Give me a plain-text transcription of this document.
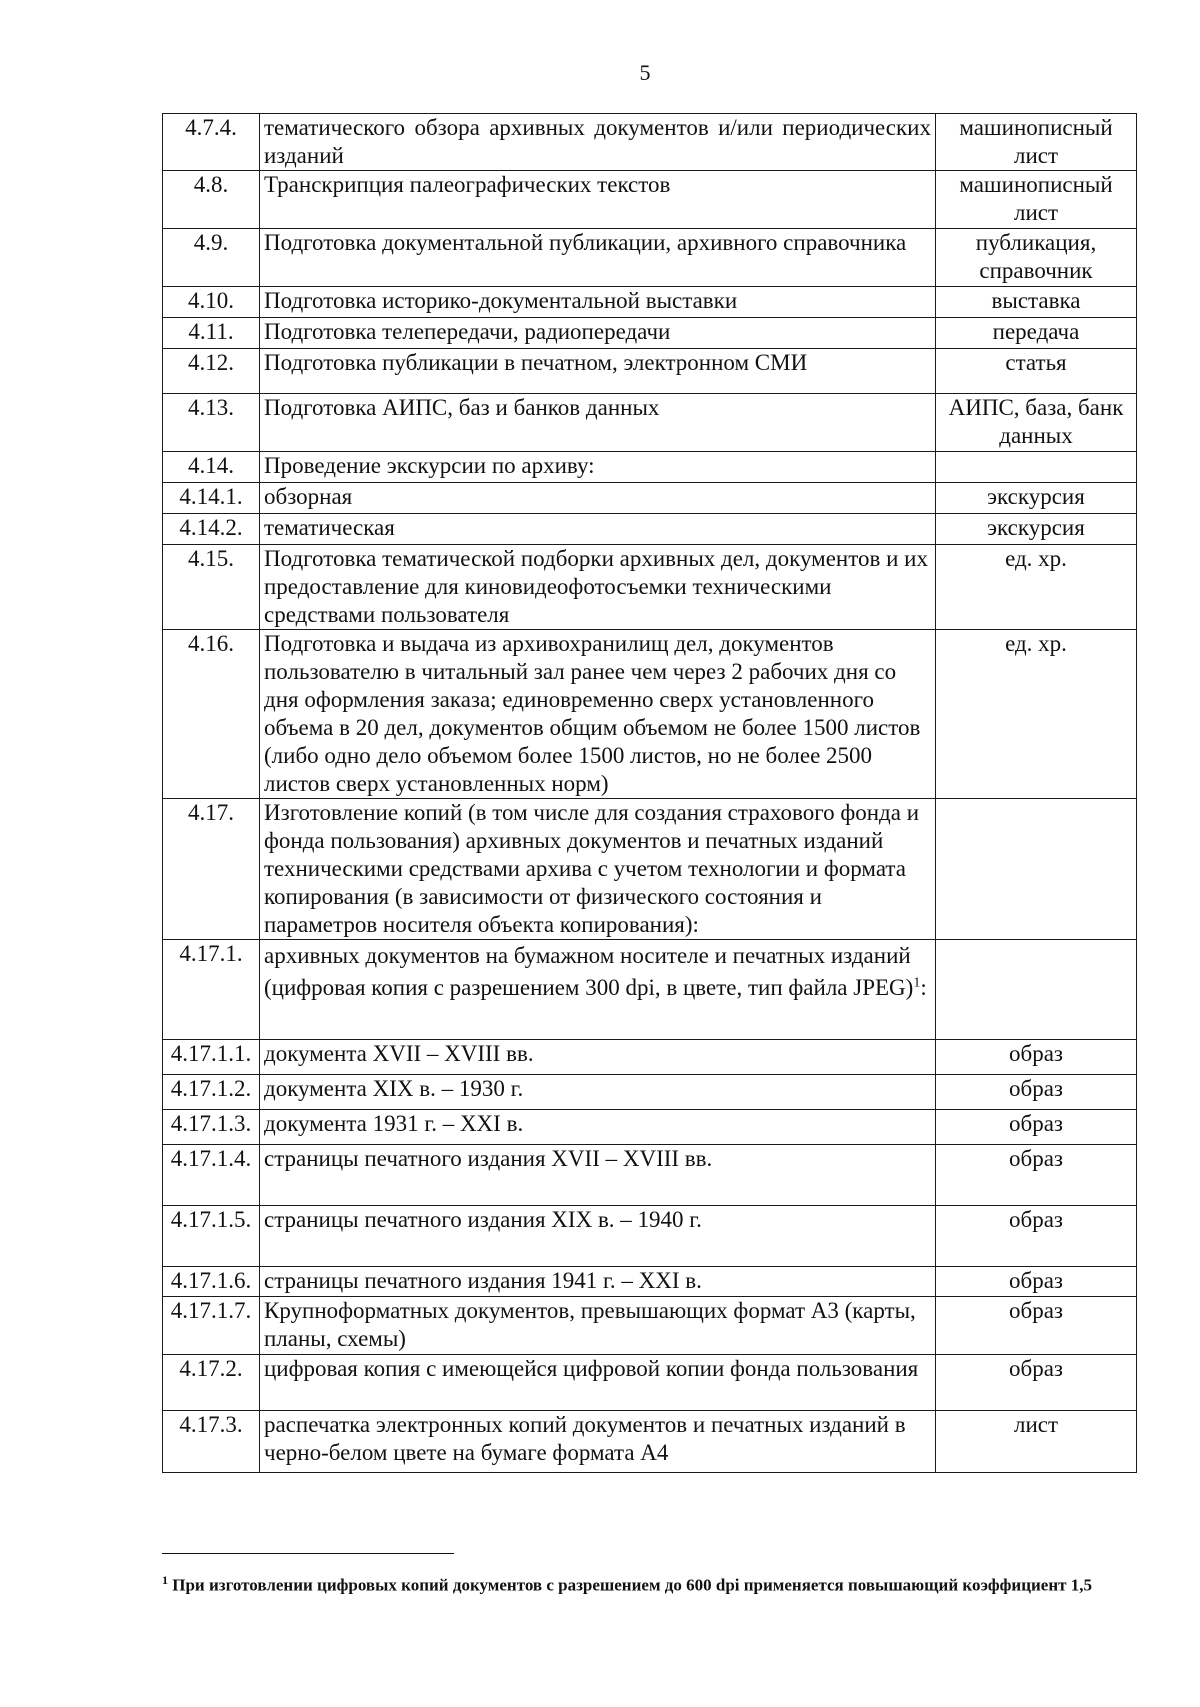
5
4.7.4.	тематического обзора архивных документов и/или периодических изданий	машинописный лист
4.8.	Транскрипция палеографических текстов	машинописный лист
4.9.	Подготовка документальной публикации, архивного справочника	публикация, справочник
4.10.	Подготовка историко-документальной выставки	выставка
4.11.	Подготовка телепередачи, радиопередачи	передача
4.12.	Подготовка публикации в печатном, электронном СМИ	статья
4.13.	Подготовка АИПС, баз и банков данных	АИПС, база, банк данных
4.14.	Проведение экскурсии по архиву:	
4.14.1.	обзорная	экскурсия
4.14.2.	тематическая	экскурсия
4.15.	Подготовка тематической подборки архивных дел, документов и их предоставление для киновидеофотосъемки техническими средствами пользователя	ед. хр.
4.16.	Подготовка и выдача из архивохранилищ дел, документов пользователю в читальный зал ранее чем через 2 рабочих дня со дня оформления заказа; единовременно сверх установленного объема в 20 дел, документов общим объемом не более 1500 листов (либо одно дело объемом более 1500 листов, но не более 2500 листов сверх установленных норм)	ед. хр.
4.17.	Изготовление копий (в том числе для создания страхового фонда и фонда пользования) архивных документов и печатных изданий техническими средствами архива с учетом технологии и формата копирования (в зависимости от физического состояния и параметров носителя объекта копирования):	
4.17.1.	архивных документов на бумажном носителе и печатных изданий (цифровая копия с разрешением 300 dpi, в цвете, тип файла JPEG)$^1$:	
4.17.1.1.	документа XVII – XVIII вв.	образ
4.17.1.2.	документа XIX в. – 1930 г.	образ
4.17.1.3.	документа 1931 г. – XXI в.	образ
4.17.1.4.	страницы печатного издания XVII – XVIII вв.	образ
4.17.1.5.	страницы печатного издания XIX в. – 1940 г.	образ
4.17.1.6.	страницы печатного издания 1941 г. – XXI в.	образ
4.17.1.7.	Крупноформатных документов, превышающих формат А3 (карты, планы, схемы)	образ
4.17.2.	цифровая копия с имеющейся цифровой копии фонда пользования	образ
4.17.3.	распечатка электронных копий документов и печатных изданий в черно-белом цвете на бумаге формата А4	лист
$^1$ При изготовлении цифровых копий документов с разрешением до 600 dpi применяется повышающий коэффициент 1,5
